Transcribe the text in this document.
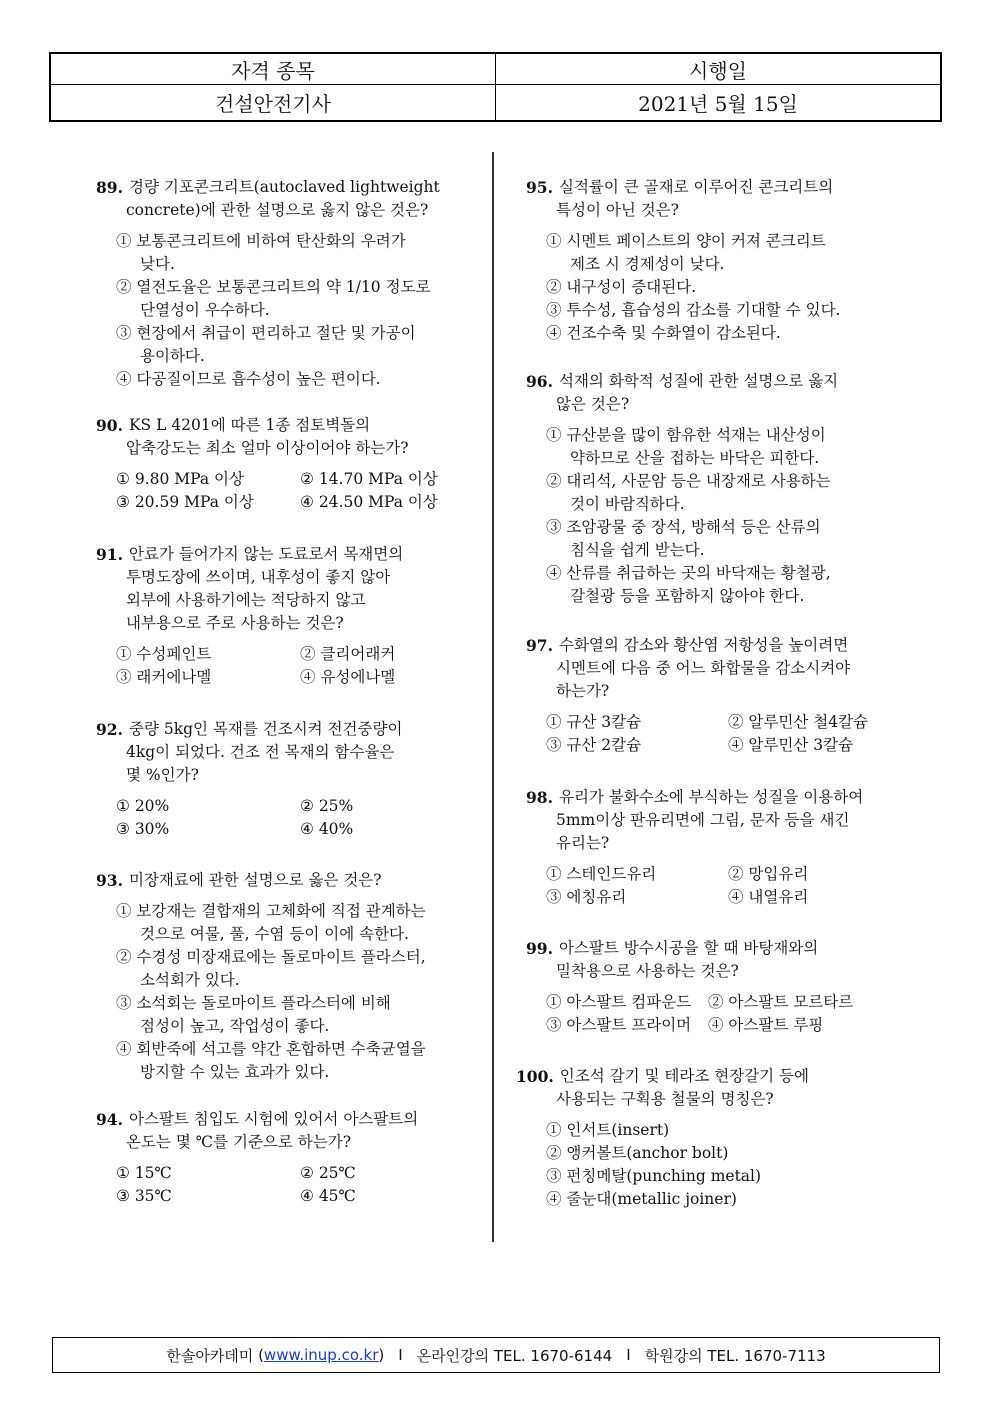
자격 종목	시행일
건설안전기사	2021년 5월 15일
89. 경량 기포콘크리트(autoclaved lightweight
concrete)에 관한 설명으로 옳지 않은 것은?
① 보통콘크리트에 비하여 탄산화의 우려가
낮다.
② 열전도율은 보통콘크리트의 약 1/10 정도로
단열성이 우수하다.
③ 현장에서 취급이 편리하고 절단 및 가공이
용이하다.
④ 다공질이므로 흡수성이 높은 편이다.
90. KS L 4201에 따른 1종 점토벽돌의
압축강도는 최소 얼마 이상이어야 하는가?
① 9.80 MPa 이상	② 14.70 MPa 이상
③ 20.59 MPa 이상	④ 24.50 MPa 이상
91. 안료가 들어가지 않는 도료로서 목재면의
투명도장에 쓰이며, 내후성이 좋지 않아
외부에 사용하기에는 적당하지 않고
내부용으로 주로 사용하는 것은?
① 수성페인트	② 클리어래커
③ 래커에나멜	④ 유성에나멜
92. 중량 5kg인 목재를 건조시켜 전건중량이
4kg이 되었다. 건조 전 목재의 함수율은
몇 %인가?
① 20%	② 25%
③ 30%	④ 40%
93. 미장재료에 관한 설명으로 옳은 것은?
① 보강재는 결합재의 고체화에 직접 관계하는
것으로 여물, 풀, 수염 등이 이에 속한다.
② 수경성 미장재료에는 돌로마이트 플라스터,
소석회가 있다.
③ 소석회는 돌로마이트 플라스터에 비해
점성이 높고, 작업성이 좋다.
④ 회반죽에 석고를 약간 혼합하면 수축균열을
방지할 수 있는 효과가 있다.
94. 아스팔트 침입도 시험에 있어서 아스팔트의
온도는 몇 ℃를 기준으로 하는가?
① 15℃	② 25℃
③ 35℃	④ 45℃
95. 실적률이 큰 골재로 이루어진 콘크리트의
특성이 아닌 것은?
① 시멘트 페이스트의 양이 커져 콘크리트
제조 시 경제성이 낮다.
② 내구성이 증대된다.
③ 투수성, 흡습성의 감소를 기대할 수 있다.
④ 건조수축 및 수화열이 감소된다.
96. 석재의 화학적 성질에 관한 설명으로 옳지
않은 것은?
① 규산분을 많이 함유한 석재는 내산성이
약하므로 산을 접하는 바닥은 피한다.
② 대리석, 사문암 등은 내장재로 사용하는
것이 바람직하다.
③ 조암광물 중 장석, 방해석 등은 산류의
침식을 쉽게 받는다.
④ 산류를 취급하는 곳의 바닥재는 황철광,
갈철광 등을 포함하지 않아야 한다.
97. 수화열의 감소와 황산염 저항성을 높이려면
시멘트에 다음 중 어느 화합물을 감소시켜야
하는가?
① 규산 3칼슘	② 알루민산 철4칼슘
③ 규산 2칼슘	④ 알루민산 3칼슘
98. 유리가 불화수소에 부식하는 성질을 이용하여
5mm이상 판유리면에 그림, 문자 등을 새긴
유리는?
① 스테인드유리	② 망입유리
③ 에칭유리	④ 내열유리
99. 아스팔트 방수시공을 할 때 바탕재와의
밀착용으로 사용하는 것은?
① 아스팔트 컴파운드 ② 아스팔트 모르타르
③ 아스팔트 프라이머 ④ 아스팔트 루핑
100. 인조석 갈기 및 테라조 현장갈기 등에
사용되는 구획용 철물의 명칭은?
① 인서트(insert)
② 앵커볼트(anchor bolt)
③ 펀칭메탈(punching metal)
④ 줄눈대(metallic joiner)
한솔아카데미 ( www.inup.co.kr ) I 온라인강의 TEL. 1670-6144 I 학원강의 TEL. 1670-7113
